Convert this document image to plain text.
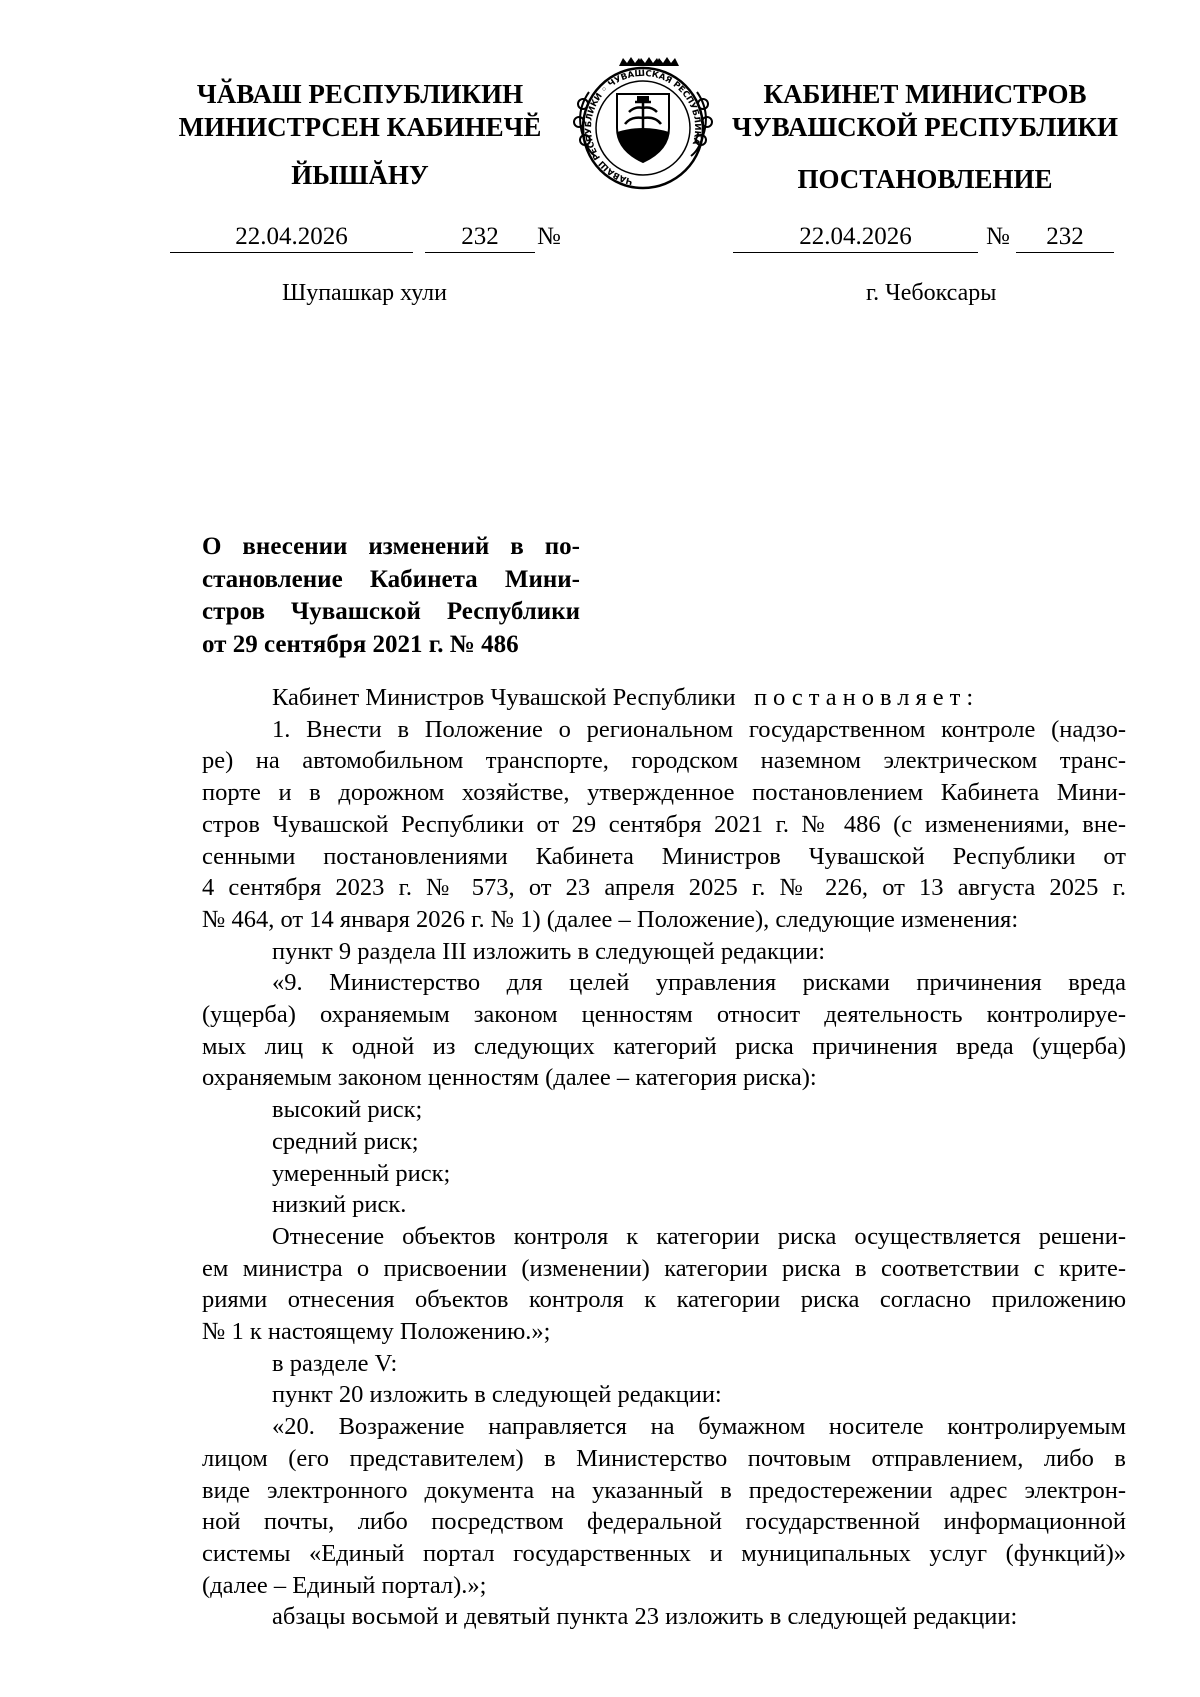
ЧӐВАШ РЕСПУБЛИКИН
МИНИСТРСЕН КАБИНЕЧӖ
ЙЫШĂНУ
КАБИНЕТ МИНИСТРОВ
ЧУВАШСКОЙ РЕСПУБЛИКИ
ПОСТАНОВЛЕНИЕ
ЧĂВАШ РЕСПУБЛИКИ ◦ ЧУВАШСКАЯ РЕСПУБЛИКА
22.04.2026	232	№	22.04.2026	№	232
Шупашкар хули	г. Чебоксары
О внесении изменений в по-
становление Кабинета Мини-
стров Чувашской Республики
от 29 сентября 2021 г. № 486

Кабинет Министров Чувашской Республики постановляет:

1. Внести в Положение о региональном государственном контроле (надзо-

ре) на автомобильном транспорте, городском наземном электрическом транс-

порте и в дорожном хозяйстве, утвержденное постановлением Кабинета Мини-

стров Чувашской Республики от 29 сентября 2021 г. № 486 (с изменениями, вне-

сенными постановлениями Кабинета Министров Чувашской Республики от

4 сентября 2023 г. № 573, от 23 апреля 2025 г. № 226, от 13 августа 2025 г.

№ 464, от 14 января 2026 г. № 1) (далее – Положение), следующие изменения:

пункт 9 раздела III изложить в следующей редакции:

«9. Министерство для целей управления рисками причинения вреда

(ущерба) охраняемым законом ценностям относит деятельность контролируе-

мых лиц к одной из следующих категорий риска причинения вреда (ущерба)

охраняемым законом ценностям (далее – категория риска):

высокий риск;

средний риск;

умеренный риск;

низкий риск.

Отнесение объектов контроля к категории риска осуществляется решени-

ем министра о присвоении (изменении) категории риска в соответствии с крите-

риями отнесения объектов контроля к категории риска согласно приложению

№ 1 к настоящему Положению.»;

в разделе V:

пункт 20 изложить в следующей редакции:

«20. Возражение направляется на бумажном носителе контролируемым

лицом (его представителем) в Министерство почтовым отправлением, либо в

виде электронного документа на указанный в предостережении адрес электрон-

ной почты, либо посредством федеральной государственной информационной

системы «Единый портал государственных и муниципальных услуг (функций)»

(далее – Единый портал).»;

абзацы восьмой и девятый пункта 23 изложить в следующей редакции:
